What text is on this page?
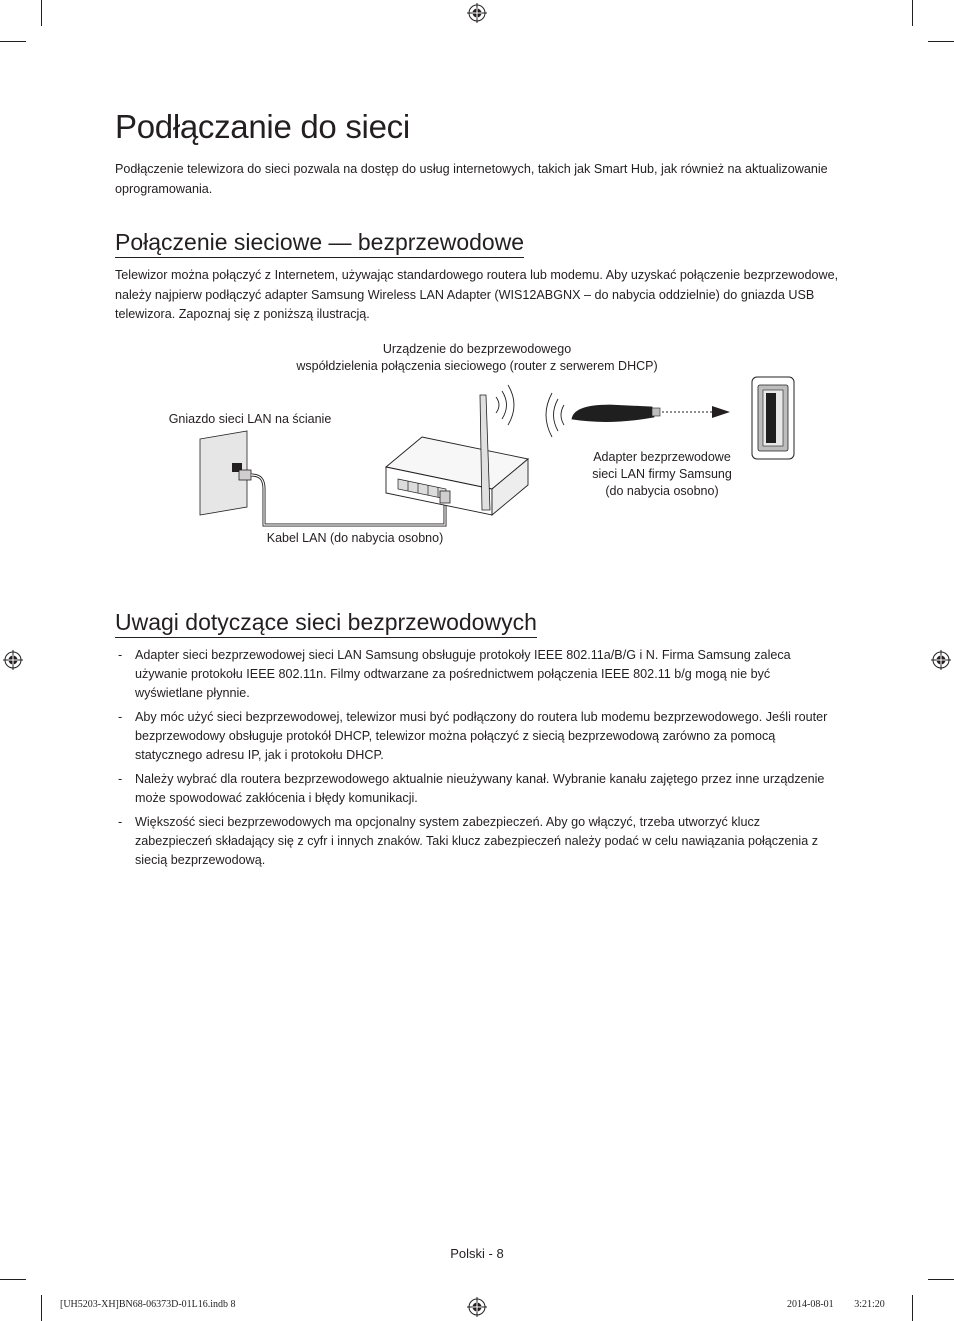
Podłączanie do sieci

Podłączenie telewizora do sieci pozwala na dostęp do usług internetowych, takich jak Smart Hub, jak również na aktualizowanie oprogramowania.

Połączenie sieciowe — bezprzewodowe

Telewizor można połączyć z Internetem, używając standardowego routera lub modemu. Aby uzyskać połączenie bezprzewodowe, należy najpierw podłączyć adapter Samsung Wireless LAN Adapter (WIS12ABGNX – do nabycia oddzielnie) do gniazda USB telewizora. Zapoznaj się z poniższą ilustracją.

Urządzenie do bezprzewodowego
współdzielenia połączenia sieciowego (router z serwerem DHCP)
Gniazdo sieci LAN na ścianie
Adapter bezprzewodowe
sieci LAN firmy Samsung
(do nabycia osobno)
Kabel LAN (do nabycia osobno)
Uwagi dotyczące sieci bezprzewodowych
- Adapter sieci bezprzewodowej sieci LAN Samsung obsługuje protokoły IEEE 802.11a/B/G i N. Firma Samsung zaleca używanie protokołu IEEE 802.11n. Filmy odtwarzane za pośrednictwem połączenia IEEE 802.11 b/g mogą nie być wyświetlane płynnie.
- Aby móc użyć sieci bezprzewodowej, telewizor musi być podłączony do routera lub modemu bezprzewodowego. Jeśli router bezprzewodowy obsługuje protokół DHCP, telewizor można połączyć z siecią bezprzewodową zarówno za pomocą statycznego adresu IP, jak i protokołu DHCP.
- Należy wybrać dla routera bezprzewodowego aktualnie nieużywany kanał. Wybranie kanału zajętego przez inne urządzenie może spowodować zakłócenia i błędy komunikacji.
- Większość sieci bezprzewodowych ma opcjonalny system zabezpieczeń. Aby go włączyć, trzeba utworzyć klucz zabezpieczeń składający się z cyfr i innych znaków. Taki klucz zabezpieczeń należy podać w celu nawiązania połączenia z siecią bezprzewodową.
Polski - 8
[UH5203-XH]BN68-06373D-01L16.indb 8	2014-08-01 ￿￿ 3:21:20
